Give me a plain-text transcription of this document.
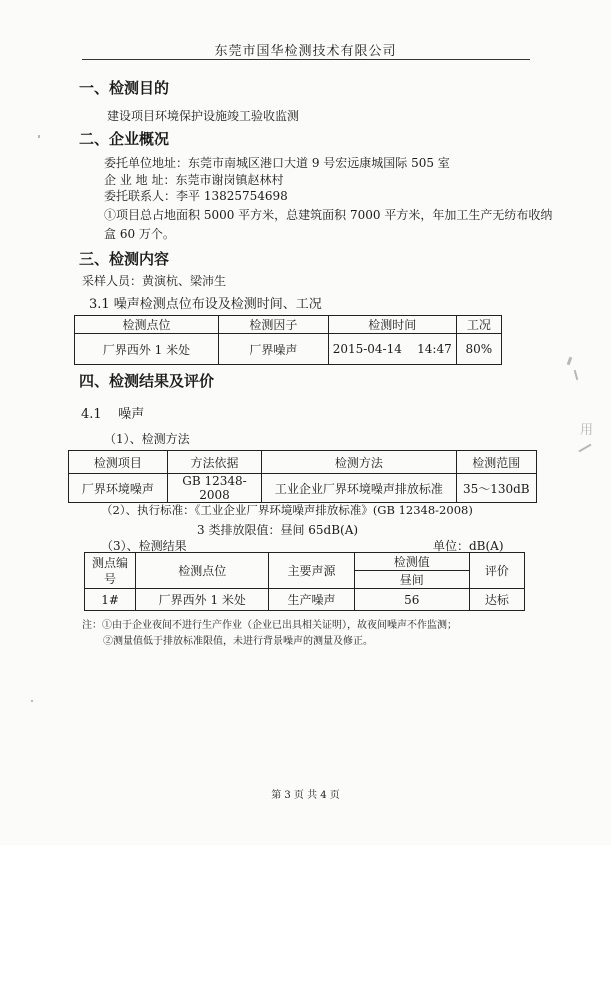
东莞市国华检测技术有限公司
一、检测目的
建设项目环境保护设施竣工验收监测
二、企业概况
委托单位地址：东莞市南城区港口大道 9 号宏远康城国际 505 室
企 业 地 址：东莞市谢岗镇赵林村
委托联系人：李平 13825754698
①项目总占地面积 5000 平方米，总建筑面积 7000 平方米，年加工生产无纺布收纳
盒 60 万个。
三、检测内容
采样人员：黄演杭、梁沛生
3.1 噪声检测点位布设及检测时间、工况
检测点位	检测因子	检测时间	工况
厂界西外 1 米处	厂界噪声	2015-04-14    14:47	80%
四、检测结果及评价
4.1    噪声
（1）、检测方法
检测项目	方法依据	检测方法	检测范围
厂界环境噪声	GB 12348-2008	工业企业厂界环境噪声排放标准	35～130dB
（2）、执行标准：《工业企业厂界环境噪声排放标准》(GB 12348-2008)
3 类排放限值：昼间 65dB(A)
（3）、检测结果	单位：dB(A)
测点编号	检测点位	主要声源	检测值	评价
			昼间	
1#	厂界西外 1 米处	生产噪声	56	达标
注：①由于企业夜间不进行生产作业（企业已出具相关证明），故夜间噪声不作监测；
②测量值低于排放标准限值，未进行背景噪声的测量及修正。
第 3 页 共 4 页
用
